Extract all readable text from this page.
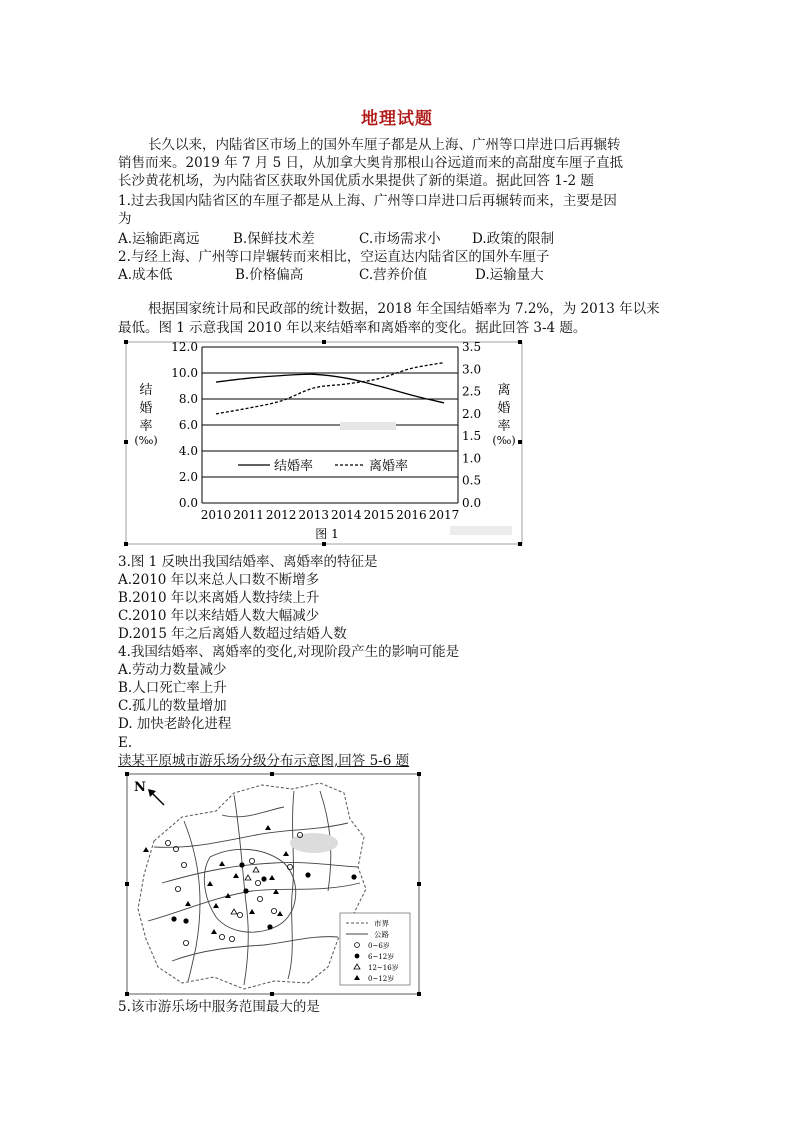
地理试题
长久以来，内陆省区市场上的国外车厘子都是从上海、广州等口岸进口后再辗转
销售而来。2019 年 7 月 5 日，从加拿大奥肯那根山谷远道而来的高甜度车厘子直抵
长沙黄花机场，为内陆省区获取外国优质水果提供了新的渠道。据此回答 1-2 题
1.过去我国内陆省区的车厘子都是从上海、广州等口岸进口后再辗转而来，主要是因
为
A.运输距离远 B.保鲜技术差	C.市场需求小 D.政策的限制
2.与经上海、广州等口岸辗转而来相比，空运直达内陆省区的国外车厘子
A.成本低	B.价格偏高	C.营养价值	D.运输量大
根据国家统计局和民政部的统计数据，2018 年全国结婚率为 7.2%，为 2013 年以来
最低。图 1 示意我国 2010 年以来结婚率和离婚率的变化。据此回答 3-4 题。
0.0
2.0
4.0
6.0
8.0
10.0
12.0
0.0
0.5
1.0
1.5
2.0
2.5
3.0
3.5
2010 2011 2012 2013 2014 2015 2016 2017
结
婚
率
(‰)
离
婚
率
(‰)
结婚率	离婚率
图 1
3.图 1 反映出我国结婚率、离婚率的特征是
A.2010 年以来总人口数不断增多
B.2010 年以来离婚人数持续上升
C.2010 年以来结婚人数大幅减少
D.2015 年之后离婚人数超过结婚人数
4.我国结婚率、离婚率的变化,对现阶段产生的影响可能是
A.劳动力数量减少
B.人口死亡率上升
C.孤儿的数量增加
D. 加快老龄化进程
E.
读某平原城市游乐场分级分布示意图,回答 5-6 题
N
市界
公路
0~6岁
6~12岁
12~16岁
0~12岁
5.该市游乐场中服务范围最大的是
